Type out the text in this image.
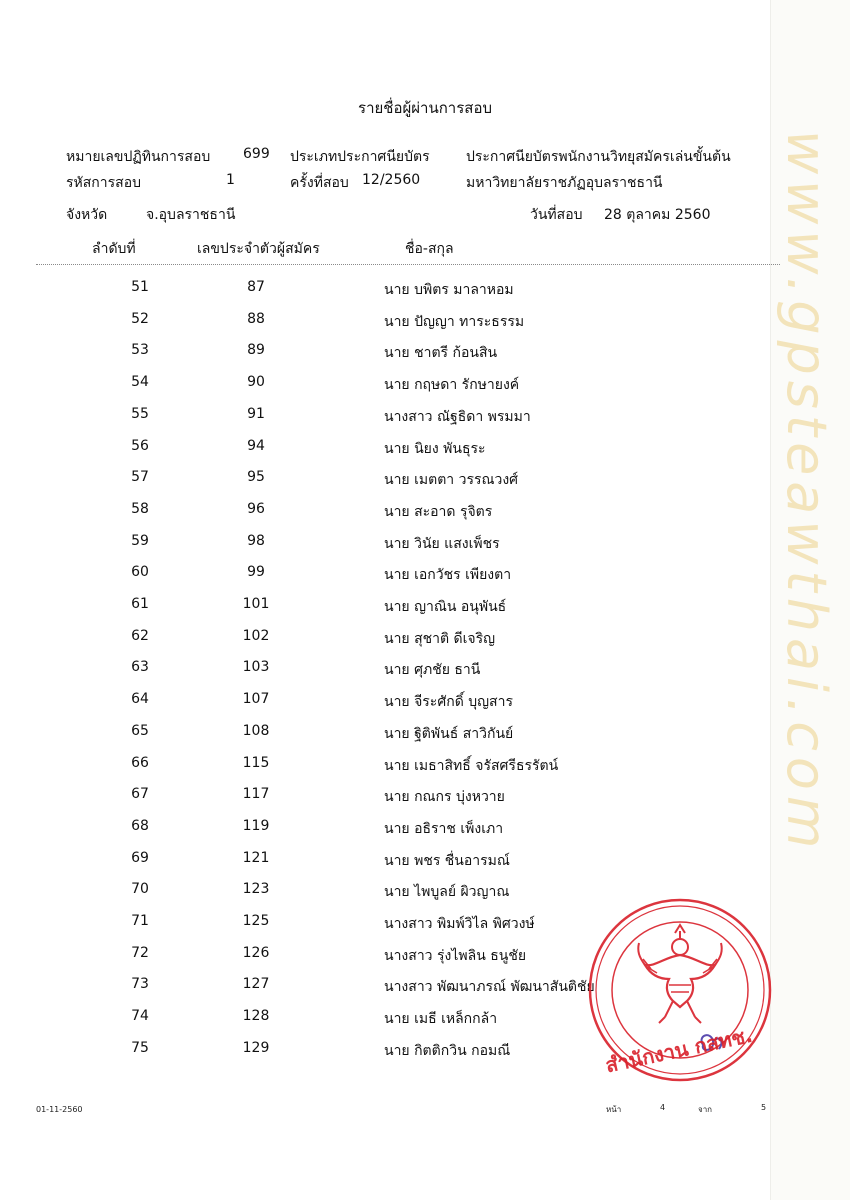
www.gpsteawthai.com
รายชื่อผู้ผ่านการสอบ
หมายเลขปฏิทินการสอบ 699 ประเภทประกาศนียบัตร	ประกาศนียบัตรพนักงานวิทยุสมัครเล่นขั้นต้น
รหัสการสอบ	1	ครั้งที่สอบ 12/2560	มหาวิทยาลัยราชภัฏอุบลราชธานี
จังหวัด	จ.อุบลราชธานี	วันที่สอบ 28 ตุลาคม 2560
ลำดับที่	เลขประจำตัวผู้สมัคร	ชื่อ-สกุล
51	87	นาย บพิตร มาลาหอม
52	88	นาย ปัญญา ทาระธรรม
53	89	นาย ชาตรี ก้อนสิน
54	90	นาย กฤษดา รักษายงค์
55	91	นางสาว ณัฐธิดา พรมมา
56	94	นาย นิยง พันธุระ
57	95	นาย เมตตา วรรณวงศ์
58	96	นาย สะอาด รุจิตร
59	98	นาย วินัย แสงเพ็ชร
60	99	นาย เอกวัชร เพียงตา
61	101	นาย ญาณิน อนุพันธ์
62	102	นาย สุชาติ ดีเจริญ
63	103	นาย ศุภชัย ธานี
64	107	นาย จีระศักดิ์ บุญสาร
65	108	นาย ฐิติพันธ์ สาวิกันย์
66	115	นาย เมธาสิทธิ์ จรัสศรีธรรัตน์
67	117	นาย กณกร บุ่งหวาย
68	119	นาย อธิราช เพ็งเภา
69	121	นาย พชร ชื่นอารมณ์
70	123	นาย ไพบูลย์ ผิวญาณ
71	125	นางสาว พิมพ์วิไล พิศวงษ์
72	126	นางสาว รุ่งไพลิน ธนูชัย
73	127	นางสาว พัฒนาภรณ์ พัฒนาสันติชัย
74	128	นาย เมธี เหล็กกล้า
75	129	นาย กิตติกวิน กอมณี
01-11-2560	หน้า	4	จาก	5
สำนักงาน กสทช.
